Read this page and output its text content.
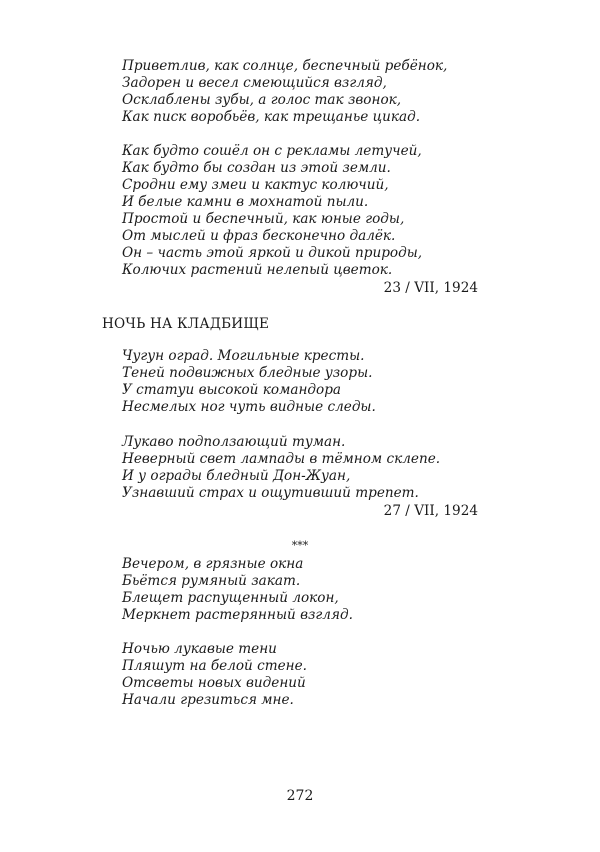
Приветлив, как солнце, беспечный ребёнок,
Задорен и весел смеющийся взгляд,
Осклаблены зубы, а голос так звонок,
Как писк воробьёв, как трещанье цикад.
Как будто сошёл он с рекламы летучей,
Как будто бы создан из этой земли.
Сродни ему змеи и кактус колючий,
И белые камни в мохнатой пыли.
Простой и беспечный, как юные годы,
От мыслей и фраз бесконечно далёк.
Он – часть этой яркой и дикой природы,
Колючих растений нелепый цветок.
23 / VII, 1924
НОЧЬ НА КЛАДБИЩЕ
Чугун оград. Могильные кресты.
Теней подвижных бледные узоры.
У статуи высокой командора
Несмелых ног чуть видные следы.
Лукаво подползающий туман.
Неверный свет лампады в тёмном склепе.
И у ограды бледный Дон-Жуан,
Узнавший страх и ощутивший трепет.
27 / VII, 1924
***
Вечером, в грязные окна
Бьётся румяный закат.
Блещет распущенный локон,
Меркнет растерянный взгляд.
Ночью лукавые тени
Пляшут на белой стене.
Отсветы новых видений
Начали грезиться мне.
272
